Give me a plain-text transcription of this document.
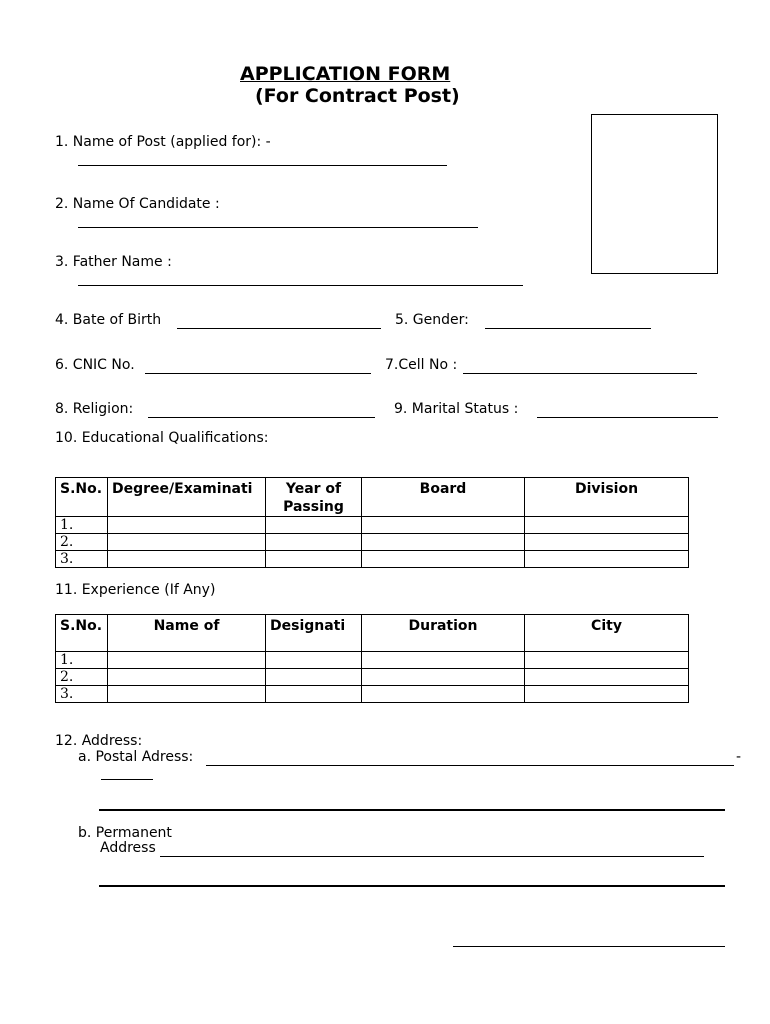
APPLICATION FORM
(For Contract Post)
1. Name of Post (applied for): -
2. Name Of Candidate :
3. Father Name :
4. Bate of Birth	5. Gender:
6. CNIC No.	7.Cell No :
8. Religion:	9. Marital Status :
10. Educational Qualifications:
S.No.	Degree/Examinati	Year of Passing	Board	Division
1.				
2.				
3.				
11. Experience (If Any)
S.No.	Name of	Designati	Duration	City
1.				
2.				
3.				
12. Address:
a. Postal Adress:	-
b. Permanent
Address
